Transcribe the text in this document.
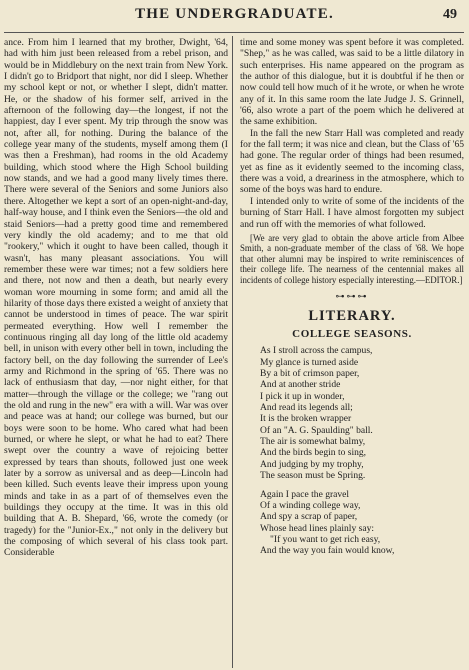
THE UNDERGRADUATE.	49

ance. From him I learned that my brother, Dwight, '64, had with him just been released from a rebel prison, and would be in Middlebury on the next train from New York. I didn't go to Bridport that night, nor did I sleep. Whether my school kept or not, or whether I slept, didn't matter. He, or the shadow of his former self, arrived in the afternoon of the following day—the longest, if not the happiest, day I ever spent. My trip through the snow was not, after all, for nothing. During the balance of the college year many of the students, myself among them (I was then a Freshman), had rooms in the old Academy building, which stood where the High School building now stands, and we had a good many lively times there. There were several of the Seniors and some Juniors also there. Altogether we kept a sort of an open-night-and-day, half-way house, and I think even the Seniors—the old and staid Seniors—had a pretty good time and remembered very kindly the old academy; and to me that old "rookery," which it ought to have been called, though it wasn't, has many pleasant associations. You will remember these were war times; not a few soldiers here and there, not now and then a death, but nearly every woman wore mourning in some form; and amid all the hilarity of those days there existed a weight of anxiety that cannot be understood in times of peace. The war spirit permeated everything. How well I remember the continuous ringing all day long of the little old academy bell, in unison with every other bell in town, including the factory bell, on the day following the surrender of Lee's army and Richmond in the spring of '65. There was no lack of enthusiasm that day, —nor night either, for that matter—through the village or the college; we "rang out the old and rung in the new" era with a will. War was over and peace was at hand; our college was burned, but our boys were soon to be home. Who cared what had been burned, or where he slept, or what he had to eat? There swept over the country a wave of rejoicing better expressed by tears than shouts, followed just one week later by a sorrow as universal and as deep—Lincoln had been killed. Such events leave their impress upon young minds and take in as a part of of themselves even the buildings they occupy at the time. It was in this old building that A. B. Shepard, '66, wrote the comedy (or tragedy) for the "Junior-Ex.," not only in the delivery but the composing of which several of his class took part. Considerable

time and some money was spent before it was completed. "Shep," as he was called, was said to be a little dilatory in such enterprises. His name appeared on the program as the author of this dialogue, but it is doubtful if he then or now could tell how much of it he wrote, or when he wrote any of it. In this same room the late Judge J. S. Grinnell, '66, also wrote a part of the poem which he delivered at the same exhibition.

In the fall the new Starr Hall was completed and ready for the fall term; it was nice and clean, but the Class of '65 had gone. The regular order of things had been resumed, yet as fine as it evidently seemed to the incoming class, there was a void, a dreariness in the atmosphere, which to some of the boys was hard to endure.

I intended only to write of some of the incidents of the burning of Starr Hall. I have almost forgotten my subject and run off with the memories of what followed.

[We are very glad to obtain the above article from Albee Smith, a non-graduate member of the class of '68. We hope that other alumni may be inspired to write reminiscences of their college life. The nearness of the centennial makes all incidents of college history especially interesting.—EDITOR.]

⊶⊶⊶

LITERARY.

COLLEGE SEASONS.

As I stroll across the campus,
My glance is turned aside
By a bit of crimson paper,
And at another stride
I pick it up in wonder,
And read its legends all;
It is the broken wrapper
Of an "A. G. Spaulding" ball.
The air is somewhat balmy,
And the birds begin to sing,
And judging by my trophy,
The season must be Spring.
Again I pace the gravel
Of a winding college way,
And spy a scrap of paper,
Whose head lines plainly say:
"If you want to get rich easy,
And the way you fain would know,
